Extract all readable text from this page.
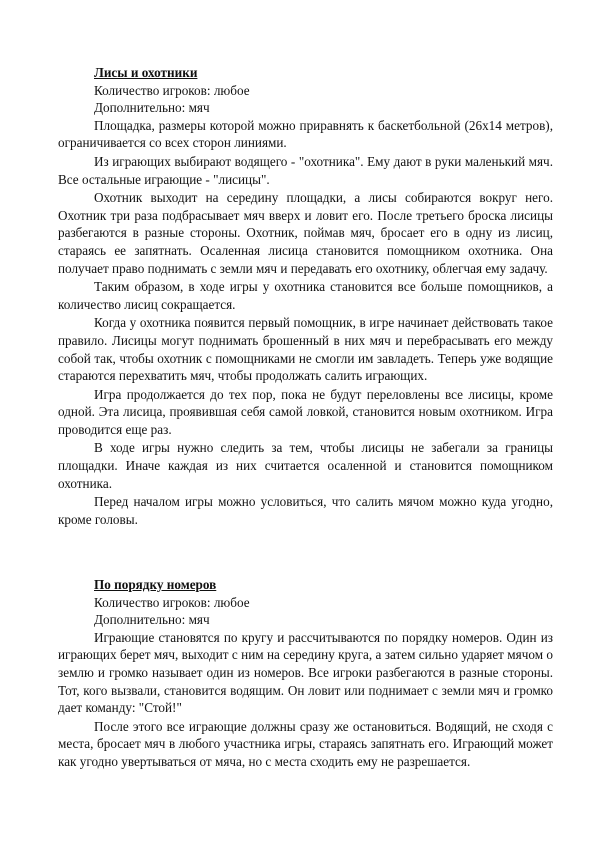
Лисы и охотники

Количество игроков: любое

Дополнительно: мяч

Площадка, размеры которой можно приравнять к баскетбольной (26х14 метров), ограничивается со всех сторон линиями.

Из играющих выбирают водящего - "охотника". Ему дают в руки маленький мяч. Все остальные играющие - "лисицы".

Охотник выходит на середину площадки, а лисы собираются вокруг него. Охотник три раза подбрасывает мяч вверх и ловит его. После третьего броска лисицы разбегаются в разные стороны. Охотник, поймав мяч, бросает его в одну из лисиц, стараясь ее запятнать. Осаленная лисица становится помощником охотника. Она получает право поднимать с земли мяч и передавать его охотнику, облегчая ему задачу.

Таким образом, в ходе игры у охотника становится все больше помощников, а количество лисиц сокращается.

Когда у охотника появится первый помощник, в игре начинает действовать такое правило. Лисицы могут поднимать брошенный в них мяч и перебрасывать его между собой так, чтобы охотник с помощниками не смогли им завладеть. Теперь уже водящие стараются перехватить мяч, чтобы продолжать салить играющих.

Игра продолжается до тех пор, пока не будут переловлены все лисицы, кроме одной. Эта лисица, проявившая себя самой ловкой, становится новым охотником. Игра проводится еще раз.

В ходе игры нужно следить за тем, чтобы лисицы не забегали за границы площадки. Иначе каждая из них считается осаленной и становится помощником охотника.

Перед началом игры можно условиться, что салить мячом можно куда угодно, кроме головы.

По порядку номеров

Количество игроков: любое

Дополнительно: мяч

Играющие становятся по кругу и рассчитываются по порядку номеров. Один из играющих берет мяч, выходит с ним на середину круга, а затем сильно ударяет мячом о землю и громко называет один из номеров. Все игроки разбегаются в разные стороны. Тот, кого вызвали, становится водящим. Он ловит или поднимает с земли мяч и громко дает команду: "Стой!"

После этого все играющие должны сразу же остановиться. Водящий, не сходя с места, бросает мяч в любого участника игры, стараясь запятнать его. Играющий может как угодно увертываться от мяча, но с места сходить ему не разрешается.
